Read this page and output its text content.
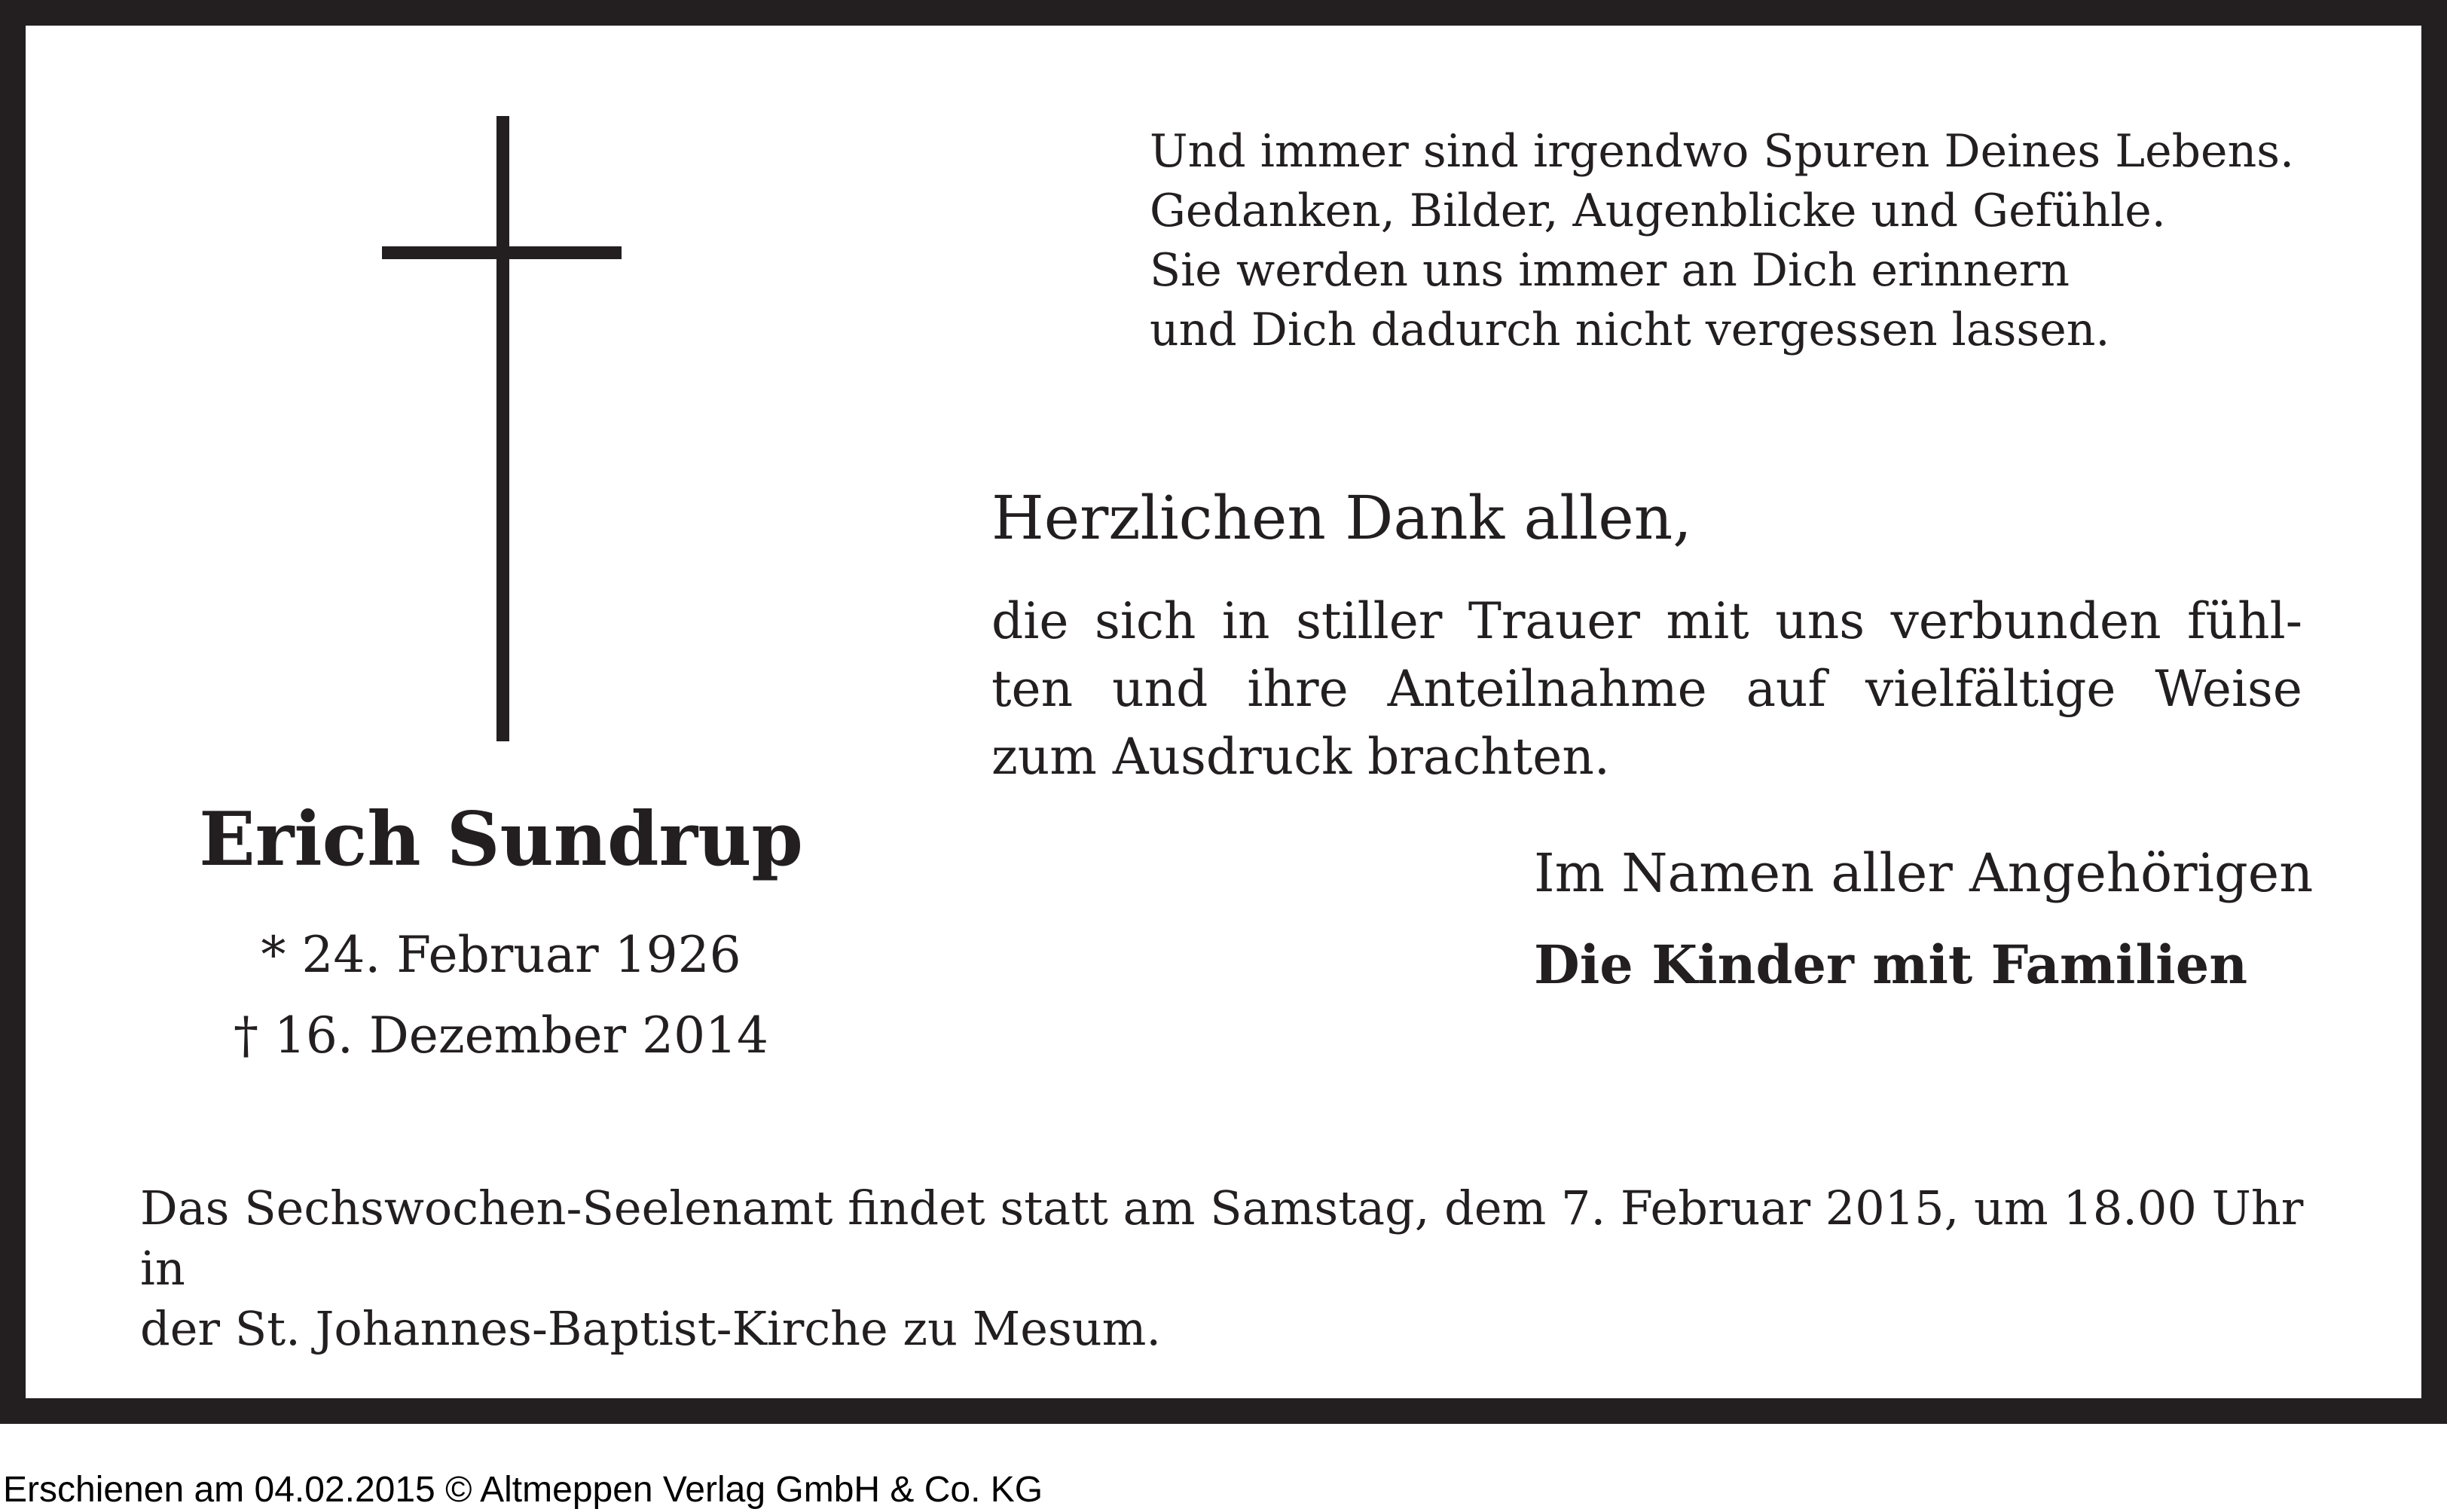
Und immer sind irgendwo Spuren Deines Lebens.
Gedanken, Bilder, Augenblicke und Gefühle.
Sie werden uns immer an Dich erinnern
und Dich dadurch nicht vergessen lassen.
Herzlichen Dank allen,
die sich in stiller Trauer mit uns verbunden fühl-
ten und ihre Anteilnahme auf vielfältige Weise
zum Ausdruck brachten.
Erich Sundrup
* 24. Februar 1926
† 16. Dezember 2014
Im Namen aller Angehörigen
Die Kinder mit Familien
Das Sechswochen-Seelenamt findet statt am Samstag, dem 7. Februar 2015, um 18.00 Uhr in
der St. Johannes-Baptist-Kirche zu Mesum.
Erschienen am 04.02.2015 © Altmeppen Verlag GmbH & Co. KG
